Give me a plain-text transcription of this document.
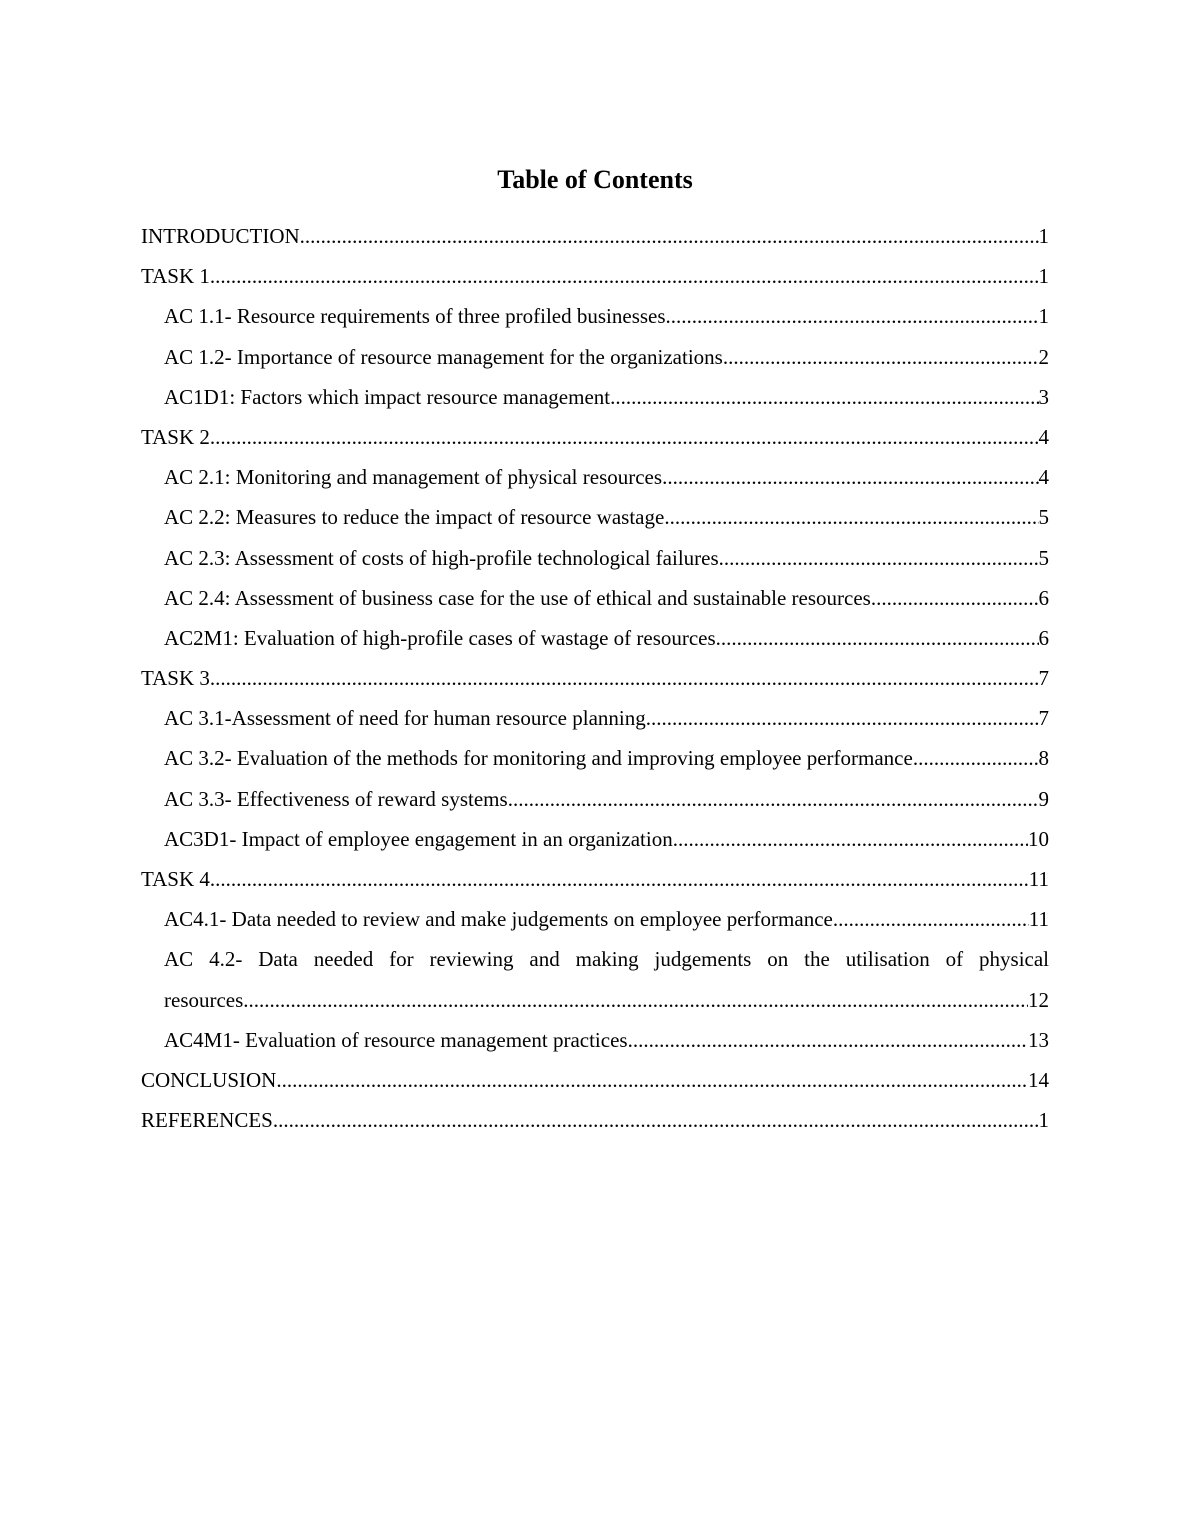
Table of Contents
INTRODUCTION .....	1
TASK 1 .....	1
AC 1.1- Resource requirements of three profiled businesses .....	1
AC 1.2- Importance of resource management for the organizations .....	2
AC1D1: Factors which impact resource management .....	3
TASK 2 .....	4
AC 2.1: Monitoring and management of physical resources .....	4
AC 2.2: Measures to reduce the impact of resource wastage .....	5
AC 2.3: Assessment of costs of high-profile technological failures .....	5
AC 2.4: Assessment of business case for the use of ethical and sustainable resources .....	6
AC2M1: Evaluation of high-profile cases of wastage of resources .....	6
TASK 3 .....	7
AC 3.1-Assessment of need for human resource planning .....	7
AC 3.2- Evaluation of the methods for monitoring and improving employee performance .....	8
AC 3.3- Effectiveness of reward systems .....	9
AC3D1- Impact of employee engagement in an organization .....	10
TASK 4 .....	11
AC4.1- Data needed to review and make judgements on employee performance .....	11
AC 4.2- Data needed for reviewing and making judgements on the utilisation of physical
resources .....	12
AC4M1- Evaluation of resource management practices .....	13
CONCLUSION .....	14
REFERENCES .....	1
